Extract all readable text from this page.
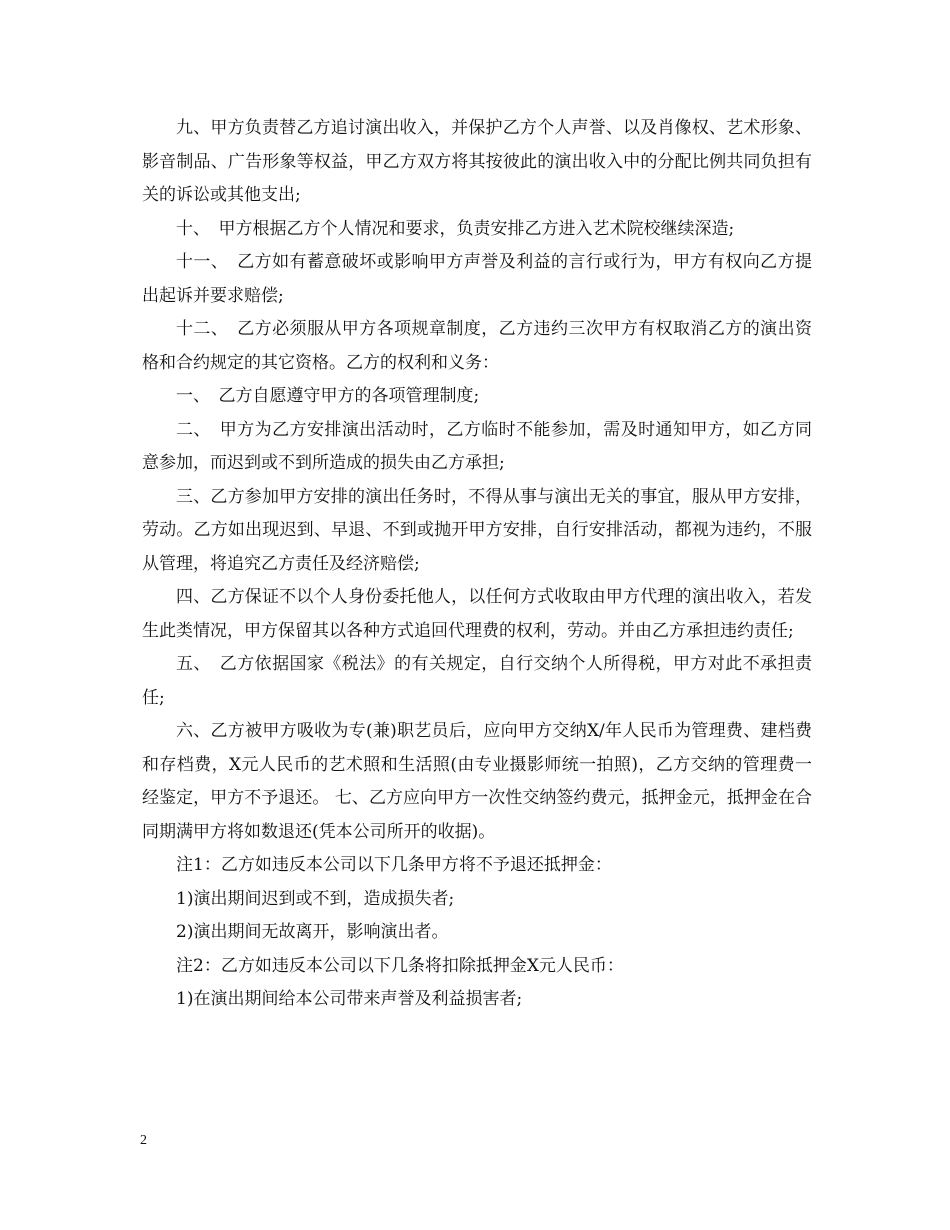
九、甲方负责替乙方追讨演出收入，并保护乙方个人声誉、以及肖像权、艺术形象、影音制品、广告形象等权益，甲乙方双方将其按彼此的演出收入中的分配比例共同负担有关的诉讼或其他支出;

十、　甲方根据乙方个人情况和要求，负责安排乙方进入艺术院校继续深造;

十一、　乙方如有蓄意破坏或影响甲方声誉及利益的言行或行为，甲方有权向乙方提出起诉并要求赔偿;

十二、　乙方必须服从甲方各项规章制度，乙方违约三次甲方有权取消乙方的演出资格和合约规定的其它资格。乙方的权利和义务：

一、　乙方自愿遵守甲方的各项管理制度;

二、　甲方为乙方安排演出活动时，乙方临时不能参加，需及时通知甲方，如乙方同意参加，而迟到或不到所造成的损失由乙方承担;

三、乙方参加甲方安排的演出任务时，不得从事与演出无关的事宜，服从甲方安排，劳动。乙方如出现迟到、早退、不到或抛开甲方安排，自行安排活动，都视为违约，不服从管理，将追究乙方责任及经济赔偿;

四、乙方保证不以个人身份委托他人，以任何方式收取由甲方代理的演出收入，若发生此类情况，甲方保留其以各种方式追回代理费的权利，劳动。并由乙方承担违约责任;

五、　乙方依据国家《税法》的有关规定，自行交纳个人所得税，甲方对此不承担责任;

六、乙方被甲方吸收为专(兼)职艺员后，应向甲方交纳X/年人民币为管理费、建档费和存档费，X元人民币的艺术照和生活照(由专业摄影师统一拍照)，乙方交纳的管理费一经鉴定，甲方不予退还。 七、乙方应向甲方一次性交纳签约费元，抵押金元，抵押金在合同期满甲方将如数退还(凭本公司所开的收据)。

注1：乙方如违反本公司以下几条甲方将不予退还抵押金：

1)演出期间迟到或不到，造成损失者;

2)演出期间无故离开，影响演出者。

注2：乙方如违反本公司以下几条将扣除抵押金X元人民币：

1)在演出期间给本公司带来声誉及利益损害者;

2
